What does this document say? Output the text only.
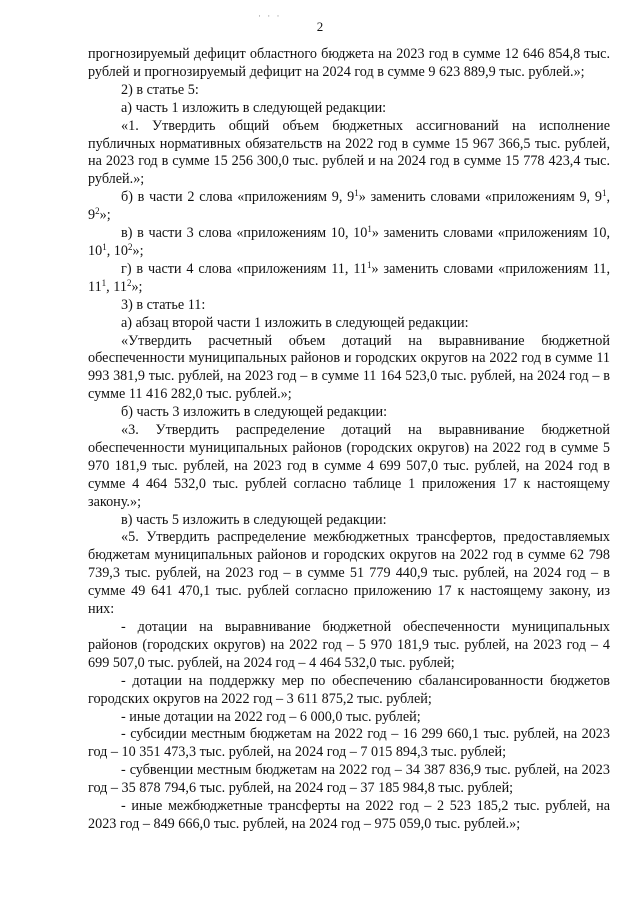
· · ·
2

прогнозируемый дефицит областного бюджета на 2023 год в сумме 12 646 854,8 тыс. рублей и прогнозируемый дефицит на 2024 год в сумме 9 623 889,9 тыс. рублей.»;

2) в статье 5:

а) часть 1 изложить в следующей редакции:

«1. Утвердить общий объем бюджетных ассигнований на исполнение публичных нормативных обязательств на 2022 год в сумме 15 967 366,5 тыс. рублей, на 2023 год в сумме 15 256 300,0 тыс. рублей и на 2024 год в сумме 15 778 423,4 тыс. рублей.»;

б) в части 2 слова «приложениям 9, $9^1$» заменить словами «приложениям 9, $9^1$, $9^2$»;

в) в части 3 слова «приложениям 10, $10^1$» заменить словами «приложениям 10, $10^1$, $10^2$»;

г) в части 4 слова «приложениям 11, $11^1$» заменить словами «приложениям 11, $11^1$, $11^2$»;

3) в статье 11:

а) абзац второй части 1 изложить в следующей редакции:

«Утвердить расчетный объем дотаций на выравнивание бюджетной обеспеченности муниципальных районов и городских округов на 2022 год в сумме 11 993 381,9 тыс. рублей, на 2023 год – в сумме 11 164 523,0 тыс. рублей, на 2024 год – в сумме 11 416 282,0 тыс. рублей.»;

б) часть 3 изложить в следующей редакции:

«3. Утвердить распределение дотаций на выравнивание бюджетной обеспеченности муниципальных районов (городских округов) на 2022 год в сумме 5 970 181,9 тыс. рублей, на 2023 год в сумме 4 699 507,0 тыс. рублей, на 2024 год в сумме 4 464 532,0 тыс. рублей согласно таблице 1 приложения 17 к настоящему закону.»;

в) часть 5 изложить в следующей редакции:

«5. Утвердить распределение межбюджетных трансфертов, предоставляемых бюджетам муниципальных районов и городских округов на 2022 год в сумме 62 798 739,3 тыс. рублей, на 2023 год – в сумме 51 779 440,9 тыс. рублей, на 2024 год – в сумме 49 641 470,1 тыс. рублей согласно приложению 17 к настоящему закону, из них:

- дотации на выравнивание бюджетной обеспеченности муниципальных районов (городских округов) на 2022 год – 5 970 181,9 тыс. рублей, на 2023 год – 4 699 507,0 тыс. рублей, на 2024 год – 4 464 532,0 тыс. рублей;

- дотации на поддержку мер по обеспечению сбалансированности бюджетов городских округов на 2022 год – 3 611 875,2 тыс. рублей;

- иные дотации на 2022 год – 6 000,0 тыс. рублей;

- субсидии местным бюджетам на 2022 год – 16 299 660,1 тыс. рублей, на 2023 год – 10 351 473,3 тыс. рублей, на 2024 год – 7 015 894,3 тыс. рублей;

- субвенции местным бюджетам на 2022 год – 34 387 836,9 тыс. рублей, на 2023 год – 35 878 794,6 тыс. рублей, на 2024 год – 37 185 984,8 тыс. рублей;

- иные межбюджетные трансферты на 2022 год – 2 523 185,2 тыс. рублей, на 2023 год – 849 666,0 тыс. рублей, на 2024 год – 975 059,0 тыс. рублей.»;
